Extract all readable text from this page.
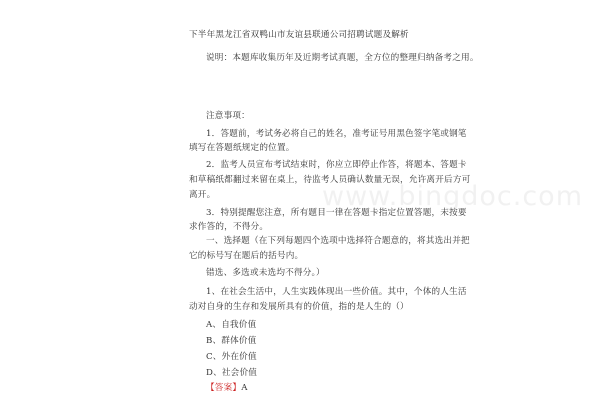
www.bingdoc.com
下半年黑龙江省双鸭山市友谊县联通公司招聘试题及解析
说明：本题库收集历年及近期考试真题，全方位的整理归纳备考之用。
注意事项：
1．答题前，考试务必将自己的姓名，准考证号用黑色签字笔或钢笔
填写在答题纸规定的位置。
2．监考人员宣布考试结束时，你应立即停止作答，将题本、答题卡
和草稿纸都翻过来留在桌上，待监考人员确认数量无误，允许离开后方可
离开。
3．特别提醒您注意，所有题目一律在答题卡指定位置答题，未按要
求作答的，不得分。
一、选择题（在下列每题四个选项中选择符合题意的，将其选出并把
它的标号写在题后的括号内。
错选、多选或未选均不得分。）
1、在社会生活中，人生实践体现出一些价值。其中，个体的人生活
动对自身的生存和发展所具有的价值，指的是人生的（）
A、自我价值
B、群体价值
C、外在价值
D、社会价值
【答案】A
